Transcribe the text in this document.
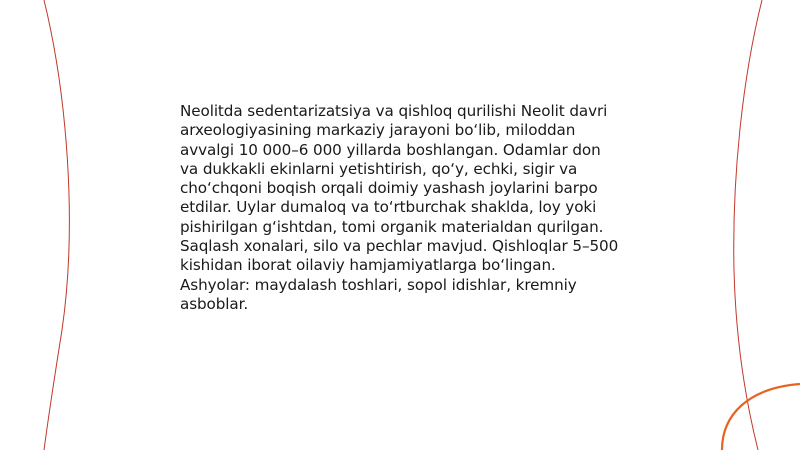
Neolitda sedentarizatsiya va qishloq qurilishi Neolit davri arxeologiyasining markaziy jarayoni bo‘lib, miloddan avvalgi 10 000–6 000 yillarda boshlangan. Odamlar don va dukkakli ekinlarni yetishtirish, qo‘y, echki, sigir va cho‘chqoni boqish orqali doimiy yashash joylarini barpo etdilar. Uylar dumaloq va to‘rtburchak shaklda, loy yoki pishirilgan g‘ishtdan, tomi organik materialdan qurilgan. Saqlash xonalari, silo va pechlar mavjud. Qishloqlar 5–500 kishidan iborat oilaviy hamjamiyatlarga bo‘lingan. Ashyolar: maydalash toshlari, sopol idishlar, kremniy asboblar.
